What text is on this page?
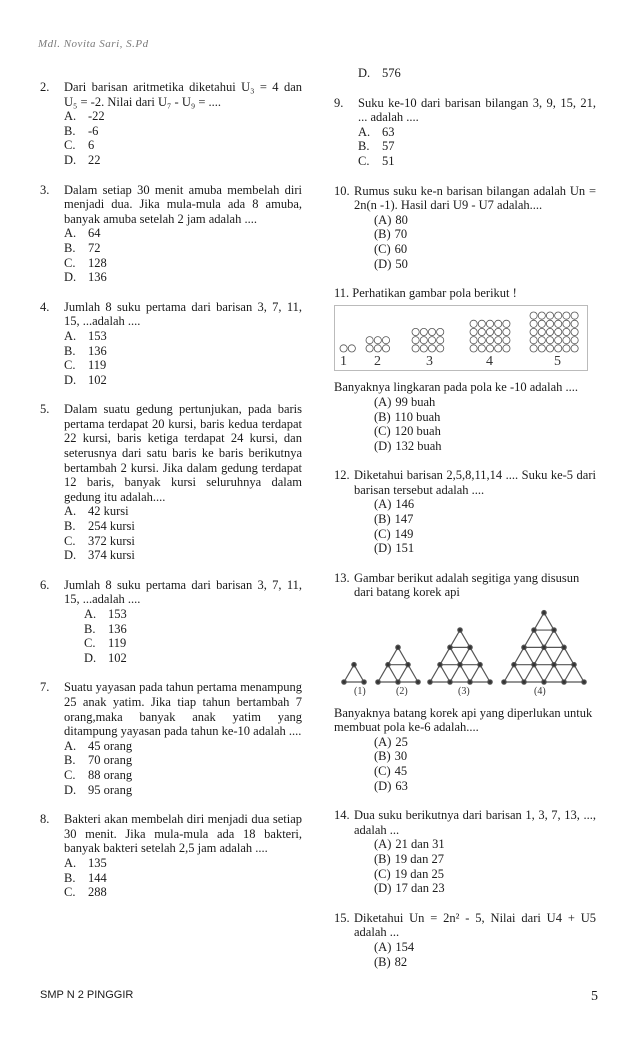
Mdl. Novita Sari, S.Pd
2.	Dari barisan aritmetika diketahui U₃ = 4 dan U₅ = -2. Nilai dari U₇ - U₉ = ....
A. -22
B.	-6
C.	6
D. 22
3.	Dalam setiap 30 menit amuba membelah diri menjadi dua. Jika mula-mula ada 8 amuba, banyak amuba setelah 2 jam adalah ....
A. 64
B.	72
C.	128
D. 136
4.	Jumlah 8 suku pertama dari barisan 3, 7, 11, 15, ...adalah ....
A. 153
B.	136
C.	119
D. 102
5.	Dalam suatu gedung pertunjukan, pada baris pertama terdapat 20 kursi, baris kedua terdapat 22 kursi, baris ketiga terdapat 24 kursi, dan seterusnya dari satu baris ke baris berikutnya bertambah 2 kursi. Jika dalam gedung terdapat 12 baris, banyak kursi seluruhnya dalam gedung itu adalah....
A. 42 kursi
B.	254 kursi
C.	372 kursi
D. 374 kursi
6.	Jumlah 8 suku pertama dari barisan 3, 7, 11, 15, ...adalah ....
A. 153
B.	136
C.	119
D. 102
7.	Suatu yayasan pada tahun pertama menampung 25 anak yatim. Jika tiap tahun bertambah 7 orang,maka banyak anak yatim yang ditampung yayasan pada tahun ke-10 adalah ....
A. 45 orang
B.	70 orang
C.	88 orang
D. 95 orang
8.	Bakteri akan membelah diri menjadi dua setiap 30 menit. Jika mula-mula ada 18 bakteri, banyak bakteri setelah 2,5 jam adalah ....
A. 135
B.	144
C.	288
D. 576
9.	Suku ke-10 dari barisan bilangan 3, 9, 15, 21, ... adalah ....
A. 63
B.	57
C.	51
10. Rumus suku ke-n barisan bilangan adalah Un = 2n(n -1). Hasil dari U9 - U7 adalah....
(A) 80
(B) 70
(C) 60
(D) 50
11. Perhatikan gambar pola berikut !
1 2	3	4	5
Banyaknya lingkaran pada pola ke -10 adalah ....
(A) 99 buah
(B) 110 buah
(C) 120 buah
(D) 132 buah
12. Diketahui barisan 2,5,8,11,14 .... Suku ke-5 dari barisan tersebut adalah ....
(A) 146
(B) 147
(C) 149
(D) 151
13. Gambar berikut adalah segitiga yang disusun dari batang korek api
(1)	(2)	(3)	(4)
Banyaknya batang korek api yang diperlukan untuk membuat pola ke-6 adalah....
(A) 25
(B) 30
(C) 45
(D) 63
14. Dua suku berikutnya dari barisan 1, 3, 7, 13, ..., adalah ...
(A) 21 dan 31
(B) 19 dan 27
(C) 19 dan 25
(D) 17 dan 23
15. Diketahui Un = 2n² - 5, Nilai dari U4 + U5 adalah ...
(A) 154
(B) 82
SMP N 2 PINGGIR	5
